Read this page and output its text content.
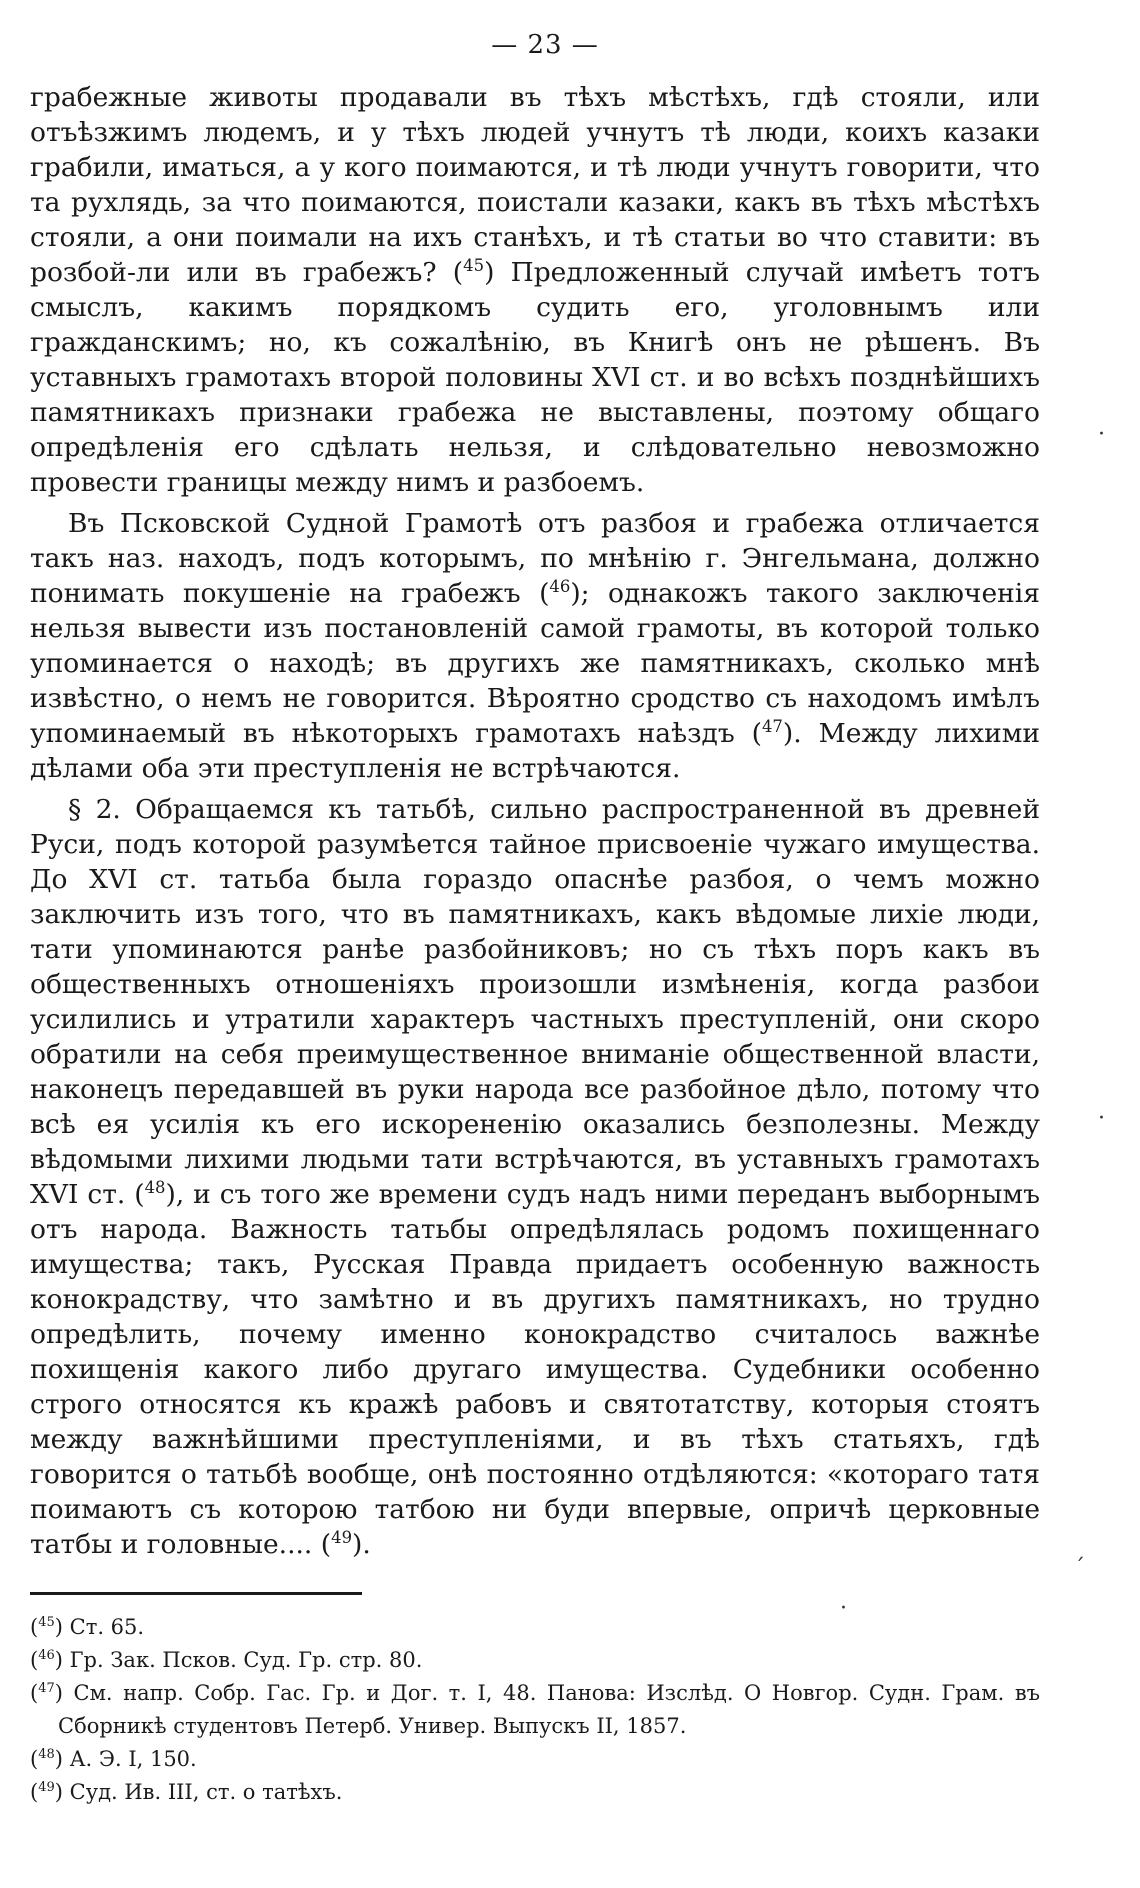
— 23 —

грабежные животы продавали въ тѣхъ мѣстѣхъ, гдѣ стояли, или отъѣзжимъ людемъ, и у тѣхъ людей учнутъ тѣ люди, коихъ казаки грабили, иматься, а у кого поимаются, и тѣ люди учнутъ говорити, что та рухлядь, за что поимаются, поистали казаки, какъ въ тѣхъ мѣстѣхъ стояли, а они поимали на ихъ станѣхъ, и тѣ статьи во что ставити: въ розбой-ли или въ грабежъ? ($^{45}$) Предложенный случай имѣетъ тотъ смыслъ, какимъ порядкомъ судить его, уголовнымъ или гражданскимъ; но, къ сожалѣнію, въ Книгѣ онъ не рѣшенъ. Въ уставныхъ грамотахъ второй половины XVI ст. и во всѣхъ позднѣйшихъ памятникахъ признаки грабежа не выставлены, поэтому общаго опредѣленія его сдѣлать нельзя, и слѣдовательно невозможно провести границы между нимъ и разбоемъ.

Въ Псковской Судной Грамотѣ отъ разбоя и грабежа отличается такъ наз. находъ, подъ которымъ, по мнѣнію г. Энгельмана, должно понимать покушеніе на грабежъ ($^{46}$); однакожъ такого заключенія нельзя вывести изъ постановленій самой грамоты, въ которой только упоминается о находѣ; въ другихъ же памятникахъ, сколько мнѣ извѣстно, о немъ не говорится. Вѣроятно сродство съ находомъ имѣлъ упоминаемый въ нѣкоторыхъ грамотахъ наѣздъ ($^{47}$). Между лихими дѣлами оба эти преступленія не встрѣчаются.

§ 2. Обращаемся къ татьбѣ, сильно распространенной въ древней Руси, подъ которой разумѣется тайное присвоеніе чужаго имущества. До XVI ст. татьба была гораздо опаснѣе разбоя, о чемъ можно заключить изъ того, что въ памятникахъ, какъ вѣдомые лихіе люди, тати упоминаются ранѣе разбойниковъ; но съ тѣхъ поръ какъ въ общественныхъ отношеніяхъ произошли измѣненія, когда разбои усилились и утратили характеръ частныхъ преступленій, они скоро обратили на себя преимущественное вниманіе общественной власти, наконецъ передавшей въ руки народа все разбойное дѣло, потому что всѣ ея усилія къ его искорененію оказались безполезны. Между вѣдомыми лихими людьми тати встрѣчаются, въ уставныхъ грамотахъ XVI ст. ($^{48}$), и съ того же времени судъ надъ ними переданъ выборнымъ отъ народа. Важность татьбы опредѣлялась родомъ похищеннаго имущества; такъ, Русская Правда придаетъ особенную важность конокрадству, что замѣтно и въ другихъ памятникахъ, но трудно опредѣлить, почему именно конокрадство считалось важнѣе похищенія какого либо другаго имущества. Судебники особенно строго относятся къ кражѣ рабовъ и святотатству, которыя стоятъ между важнѣйшими преступленіями, и въ тѣхъ статьяхъ, гдѣ говорится о татьбѣ вообще, онѣ постоянно отдѣляются: «котораго татя поимаютъ съ которою татбою ни буди впервые, опричѣ церковные татбы и головные.... ($^{49}$).

($^{45}$) Ст. 65.

($^{46}$) Гр. Зак. Псков. Суд. Гр. стр. 80.

($^{47}$) См. напр. Собр. Гас. Гр. и Дог. т. I, 48. Панова: Изслѣд. О Новгор. Судн. Грам. въ Сборникѣ студентовъ Петерб. Универ. Выпускъ II, 1857.

($^{48}$) А. Э. I, 150.

($^{49}$) Суд. Ив. III, ст. о татѣхъ.

·
·
ˊ
·
